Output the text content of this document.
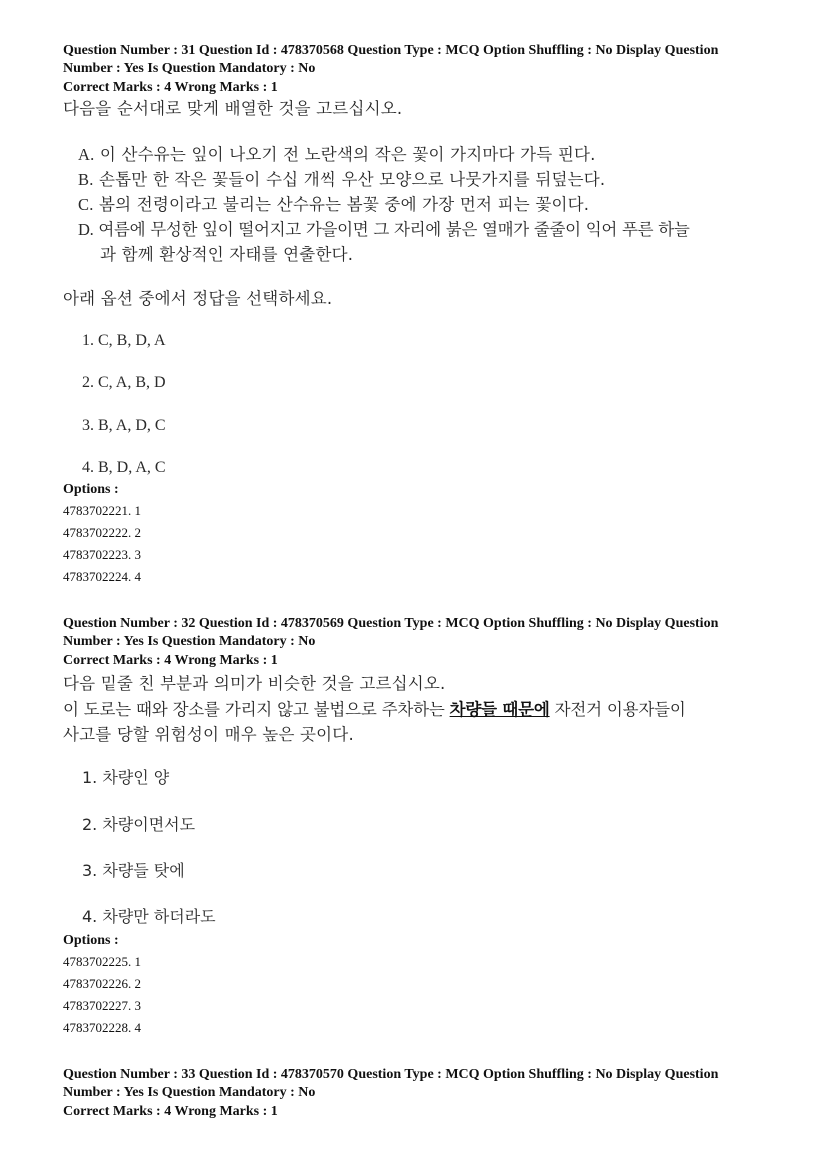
Question Number : 31 Question Id : 478370568 Question Type : MCQ Option Shuffling : No Display Question
Number : Yes Is Question Mandatory : No
Correct Marks : 4 Wrong Marks : 1
다음을 순서대로 맞게 배열한 것을 고르십시오.
A. 이 산수유는 잎이 나오기 전 노란색의 작은 꽃이 가지마다 가득 핀다.
B. 손톱만 한 작은 꽃들이 수십 개씩 우산 모양으로 나뭇가지를 뒤덮는다.
C. 봄의 전령이라고 불리는 산수유는 봄꽃 중에 가장 먼저 피는 꽃이다.
D. 여름에 무성한 잎이 떨어지고 가을이면 그 자리에 붉은 열매가 줄줄이 익어 푸른 하늘
과 함께 환상적인 자태를 연출한다.
아래 옵션 중에서 정답을 선택하세요.
1. C, B, D, A
2. C, A, B, D
3. B, A, D, C
4. B, D, A, C
Options :
4783702221. 1
4783702222. 2
4783702223. 3
4783702224. 4
Question Number : 32 Question Id : 478370569 Question Type : MCQ Option Shuffling : No Display Question
Number : Yes Is Question Mandatory : No
Correct Marks : 4 Wrong Marks : 1
다음 밑줄 친 부분과 의미가 비슷한 것을 고르십시오.
이 도로는 때와 장소를 가리지 않고 불법으로 주차하는 차량들 때문에 자전거 이용자들이
사고를 당할 위험성이 매우 높은 곳이다.
1. 차량인 양
2. 차량이면서도
3. 차량들 탓에
4. 차량만 하더라도
Options :
4783702225. 1
4783702226. 2
4783702227. 3
4783702228. 4
Question Number : 33 Question Id : 478370570 Question Type : MCQ Option Shuffling : No Display Question
Number : Yes Is Question Mandatory : No
Correct Marks : 4 Wrong Marks : 1
